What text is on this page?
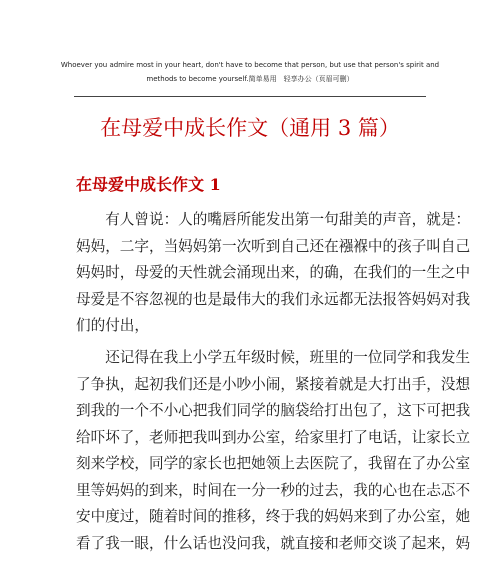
Whoever you admire most in your heart, don't have to become that person, but use that person's spirit and
methods to become yourself.简单易用　轻享办公（页眉可删）
在母爱中成长作文（通用 3 篇）
在母爱中成长作文 1
　　有人曾说：人的嘴唇所能发出第一句甜美的声音，就是：
妈妈，二字，当妈妈第一次听到自己还在襁褓中的孩子叫自己
妈妈时，母爱的天性就会涌现出来，的确，在我们的一生之中
母爱是不容忽视的也是最伟大的我们永远都无法报答妈妈对我
们的付出，
　　还记得在我上小学五年级时候，班里的一位同学和我发生
了争执，起初我们还是小吵小闹，紧接着就是大打出手，没想
到我的一个不小心把我们同学的脑袋给打出包了，这下可把我
给吓坏了，老师把我叫到办公室，给家里打了电话，让家长立
刻来学校，同学的家长也把她领上去医院了，我留在了办公室
里等妈妈的到来，时间在一分一秒的过去，我的心也在忐忑不
安中度过，随着时间的推移，终于我的妈妈来到了办公室，她
看了我一眼，什么话也没问我，就直接和老师交谈了起来，妈
